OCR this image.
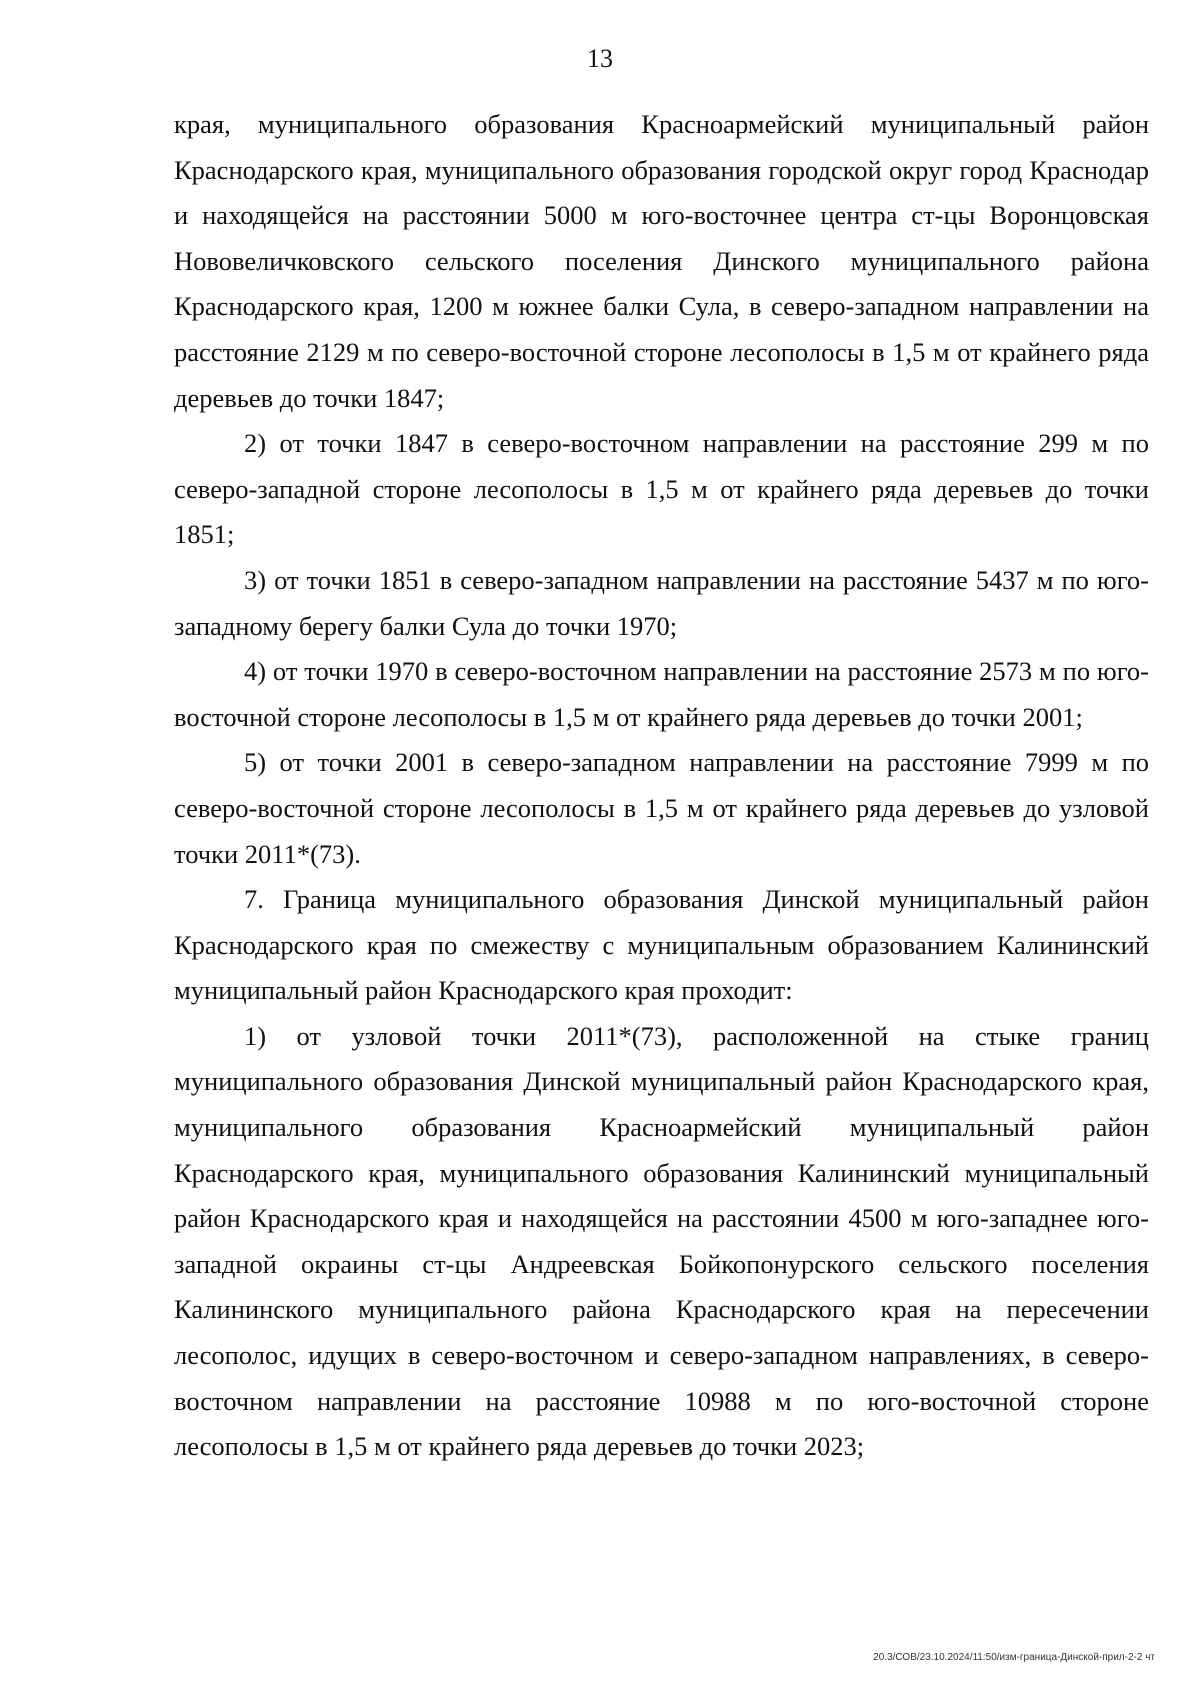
13

края, муниципального образования Красноармейский муниципальный район Краснодарского края, муниципального образования городской округ город Краснодар и находящейся на расстоянии 5000 м юго-восточнее центра ст-цы Воронцовская Нововеличковского сельского поселения Динского муниципального района Краснодарского края, 1200 м южнее балки Сула, в северо-западном направлении на расстояние 2129 м по северо-восточной стороне лесополосы в 1,5 м от крайнего ряда деревьев до точки 1847;

2) от точки 1847 в северо-восточном направлении на расстояние 299 м по северо-западной стороне лесополосы в 1,5 м от крайнего ряда деревьев до точки 1851;

3) от точки 1851 в северо-западном направлении на расстояние 5437 м по юго-западному берегу балки Сула до точки 1970;

4) от точки 1970 в северо-восточном направлении на расстояние 2573 м по юго-восточной стороне лесополосы в 1,5 м от крайнего ряда деревьев до точки 2001;

5) от точки 2001 в северо-западном направлении на расстояние 7999 м по северо-восточной стороне лесополосы в 1,5 м от крайнего ряда деревьев до узловой точки 2011*(73).

7. Граница муниципального образования Динской муниципальный район Краснодарского края по смежеству с муниципальным образованием Калининский муниципальный район Краснодарского края проходит:

1) от узловой точки 2011*(73), расположенной на стыке границ муниципального образования Динской муниципальный район Краснодарского края, муниципального образования Красноармейский муниципальный район Краснодарского края, муниципального образования Калининский муниципальный район Краснодарского края и находящейся на расстоянии 4500 м юго-западнее юго-западной окраины ст-цы Андреевская Бойкопонурского сельского поселения Калининского муниципального района Краснодарского края на пересечении лесополос, идущих в северо-восточном и северо-западном направлениях, в северо-восточном направлении на расстояние 10988 м по юго-восточной стороне лесополосы в 1,5 м от крайнего ряда деревьев до точки 2023;

20.3/СОВ/23.10.2024/11:50/изм-граница-Динской-прил-2-2 чт
